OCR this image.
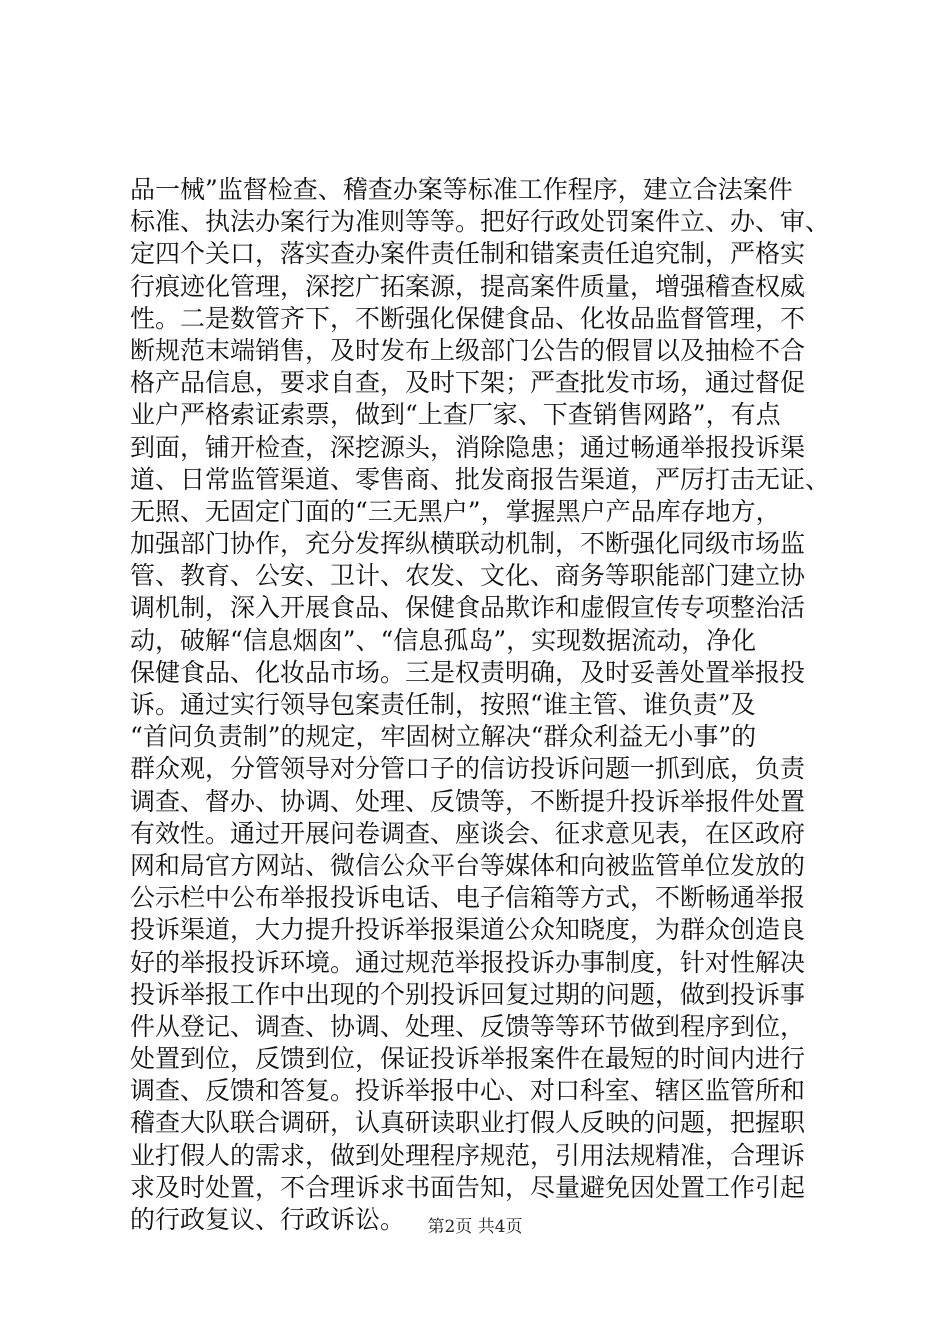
品一械”监督检查、稽查办案等标准工作程序，建立合法案件
标准、执法办案行为准则等等。把好行政处罚案件立、办、审、
定四个关口，落实查办案件责任制和错案责任追究制，严格实
行痕迹化管理，深挖广拓案源，提高案件质量，增强稽查权威
性。二是数管齐下，不断强化保健食品、化妆品监督管理，不
断规范末端销售，及时发布上级部门公告的假冒以及抽检不合
格产品信息，要求自查，及时下架；严查批发市场，通过督促
业户严格索证索票，做到“上查厂家、下查销售网路”，有点
到面，铺开检查，深挖源头，消除隐患；通过畅通举报投诉渠
道、日常监管渠道、零售商、批发商报告渠道，严厉打击无证、
无照、无固定门面的“三无黑户”，掌握黑户产品库存地方，
加强部门协作，充分发挥纵横联动机制，不断强化同级市场监
管、教育、公安、卫计、农发、文化、商务等职能部门建立协
调机制，深入开展食品、保健食品欺诈和虚假宣传专项整治活
动，破解“信息烟囱”、“信息孤岛”，实现数据流动，净化
保健食品、化妆品市场。三是权责明确，及时妥善处置举报投
诉。通过实行领导包案责任制，按照“谁主管、谁负责”及
“首问负责制”的规定，牢固树立解决“群众利益无小事”的
群众观，分管领导对分管口子的信访投诉问题一抓到底，负责
调查、督办、协调、处理、反馈等，不断提升投诉举报件处置
有效性。通过开展问卷调查、座谈会、征求意见表，在区政府
网和局官方网站、微信公众平台等媒体和向被监管单位发放的
公示栏中公布举报投诉电话、电子信箱等方式，不断畅通举报
投诉渠道，大力提升投诉举报渠道公众知晓度，为群众创造良
好的举报投诉环境。通过规范举报投诉办事制度，针对性解决
投诉举报工作中出现的个别投诉回复过期的问题，做到投诉事
件从登记、调查、协调、处理、反馈等等环节做到程序到位，
处置到位，反馈到位，保证投诉举报案件在最短的时间内进行
调查、反馈和答复。投诉举报中心、对口科室、辖区监管所和
稽查大队联合调研，认真研读职业打假人反映的问题，把握职
业打假人的需求，做到处理程序规范，引用法规精准，合理诉
求及时处置，不合理诉求书面告知，尽量避免因处置工作引起
的行政复议、行政诉讼。	第2页 共4页
